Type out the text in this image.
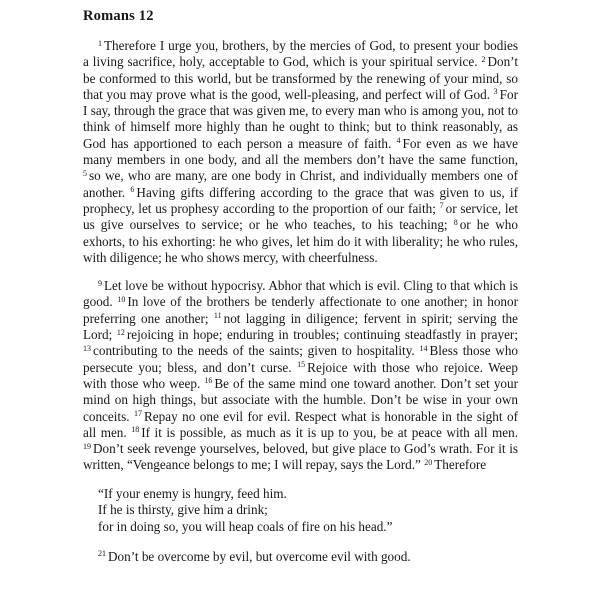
Romans 12

$^1$ Therefore I urge you, brothers, by the mercies of God, to present your bodies a living sacrifice, holy, acceptable to God, which is your spiritual service. $^2$ Don’t be conformed to this world, but be transformed by the renewing of your mind, so that you may prove what is the good, well-pleasing, and perfect will of God. $^3$ For I say, through the grace that was given me, to every man who is among you, not to think of himself more highly than he ought to think; but to think reasonably, as God has apportioned to each person a measure of faith. $^4$ For even as we have many members in one body, and all the members don’t have the same function, $^5$ so we, who are many, are one body in Christ, and individually members one of another. $^6$ Having gifts differing according to the grace that was given to us, if prophecy, let us prophesy according to the proportion of our faith; $^7$ or service, let us give ourselves to service; or he who teaches, to his teaching; $^8$ or he who exhorts, to his exhorting: he who gives, let him do it with liberality; he who rules, with diligence; he who shows mercy, with cheerfulness.

$^9$ Let love be without hypocrisy. Abhor that which is evil. Cling to that which is good. $^{10}$ In love of the brothers be tenderly affectionate to one another; in honor preferring one another; $^{11}$ not lagging in diligence; fervent in spirit; serving the Lord; $^{12}$ rejoicing in hope; enduring in troubles; continuing steadfastly in prayer; $^{13}$ contributing to the needs of the saints; given to hospitality. $^{14}$ Bless those who persecute you; bless, and don’t curse. $^{15}$ Rejoice with those who rejoice. Weep with those who weep. $^{16}$ Be of the same mind one toward another. Don’t set your mind on high things, but associate with the humble. Don’t be wise in your own conceits. $^{17}$ Repay no one evil for evil. Respect what is honorable in the sight of all men. $^{18}$ If it is possible, as much as it is up to you, be at peace with all men. $^{19}$ Don’t seek revenge yourselves, beloved, but give place to God’s wrath. For it is written, “Vengeance belongs to me; I will repay, says the Lord.” $^{20}$ Therefore

“If your enemy is hungry, feed him.
If he is thirsty, give him a drink;
for in doing so, you will heap coals of fire on his head.”

$^{21}$ Don’t be overcome by evil, but overcome evil with good.
